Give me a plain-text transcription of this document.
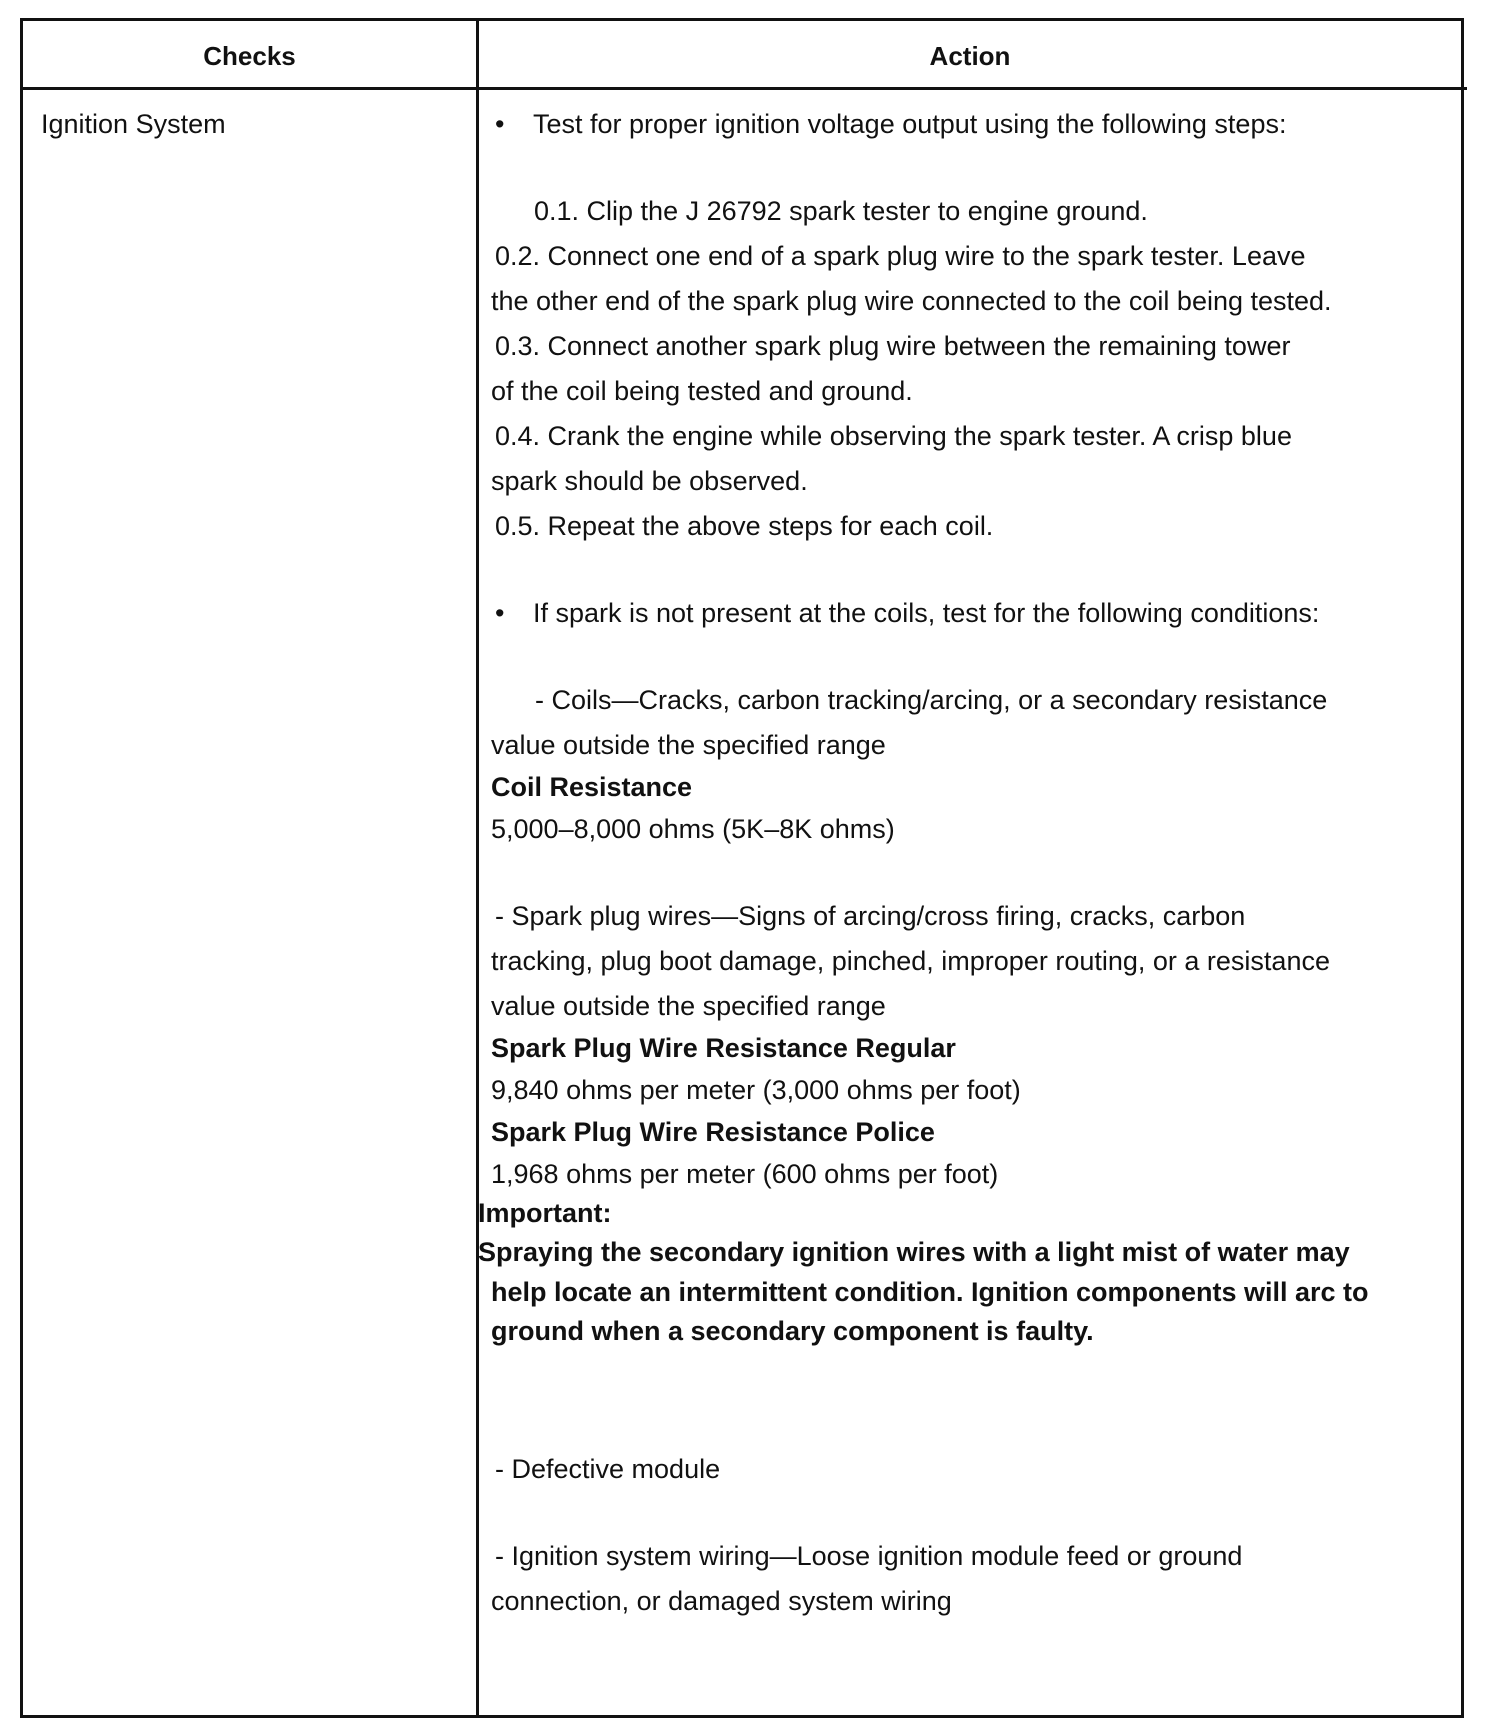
Checks	Action
Ignition System	• Test for proper ignition voltage output using the following steps:
0.1. Clip the J 26792 spark tester to engine ground.
0.2. Connect one end of a spark plug wire to the spark tester. Leave
the other end of the spark plug wire connected to the coil being tested.
0.3. Connect another spark plug wire between the remaining tower
of the coil being tested and ground.
0.4. Crank the engine while observing the spark tester. A crisp blue
spark should be observed.
0.5. Repeat the above steps for each coil.
• If spark is not present at the coils, test for the following conditions:
- Coils—Cracks, carbon tracking/arcing, or a secondary resistance
value outside the specified range
Coil Resistance
5,000–8,000 ohms (5K–8K ohms)
- Spark plug wires—Signs of arcing/cross firing, cracks, carbon
tracking, plug boot damage, pinched, improper routing, or a resistance
value outside the specified range
Spark Plug Wire Resistance Regular
9,840 ohms per meter (3,000 ohms per foot)
Spark Plug Wire Resistance Police
1,968 ohms per meter (600 ohms per foot)
Important:
Spraying the secondary ignition wires with a light mist of water may
help locate an intermittent condition. Ignition components will arc to
ground when a secondary component is faulty.
- Defective module
- Ignition system wiring—Loose ignition module feed or ground
connection, or damaged system wiring
